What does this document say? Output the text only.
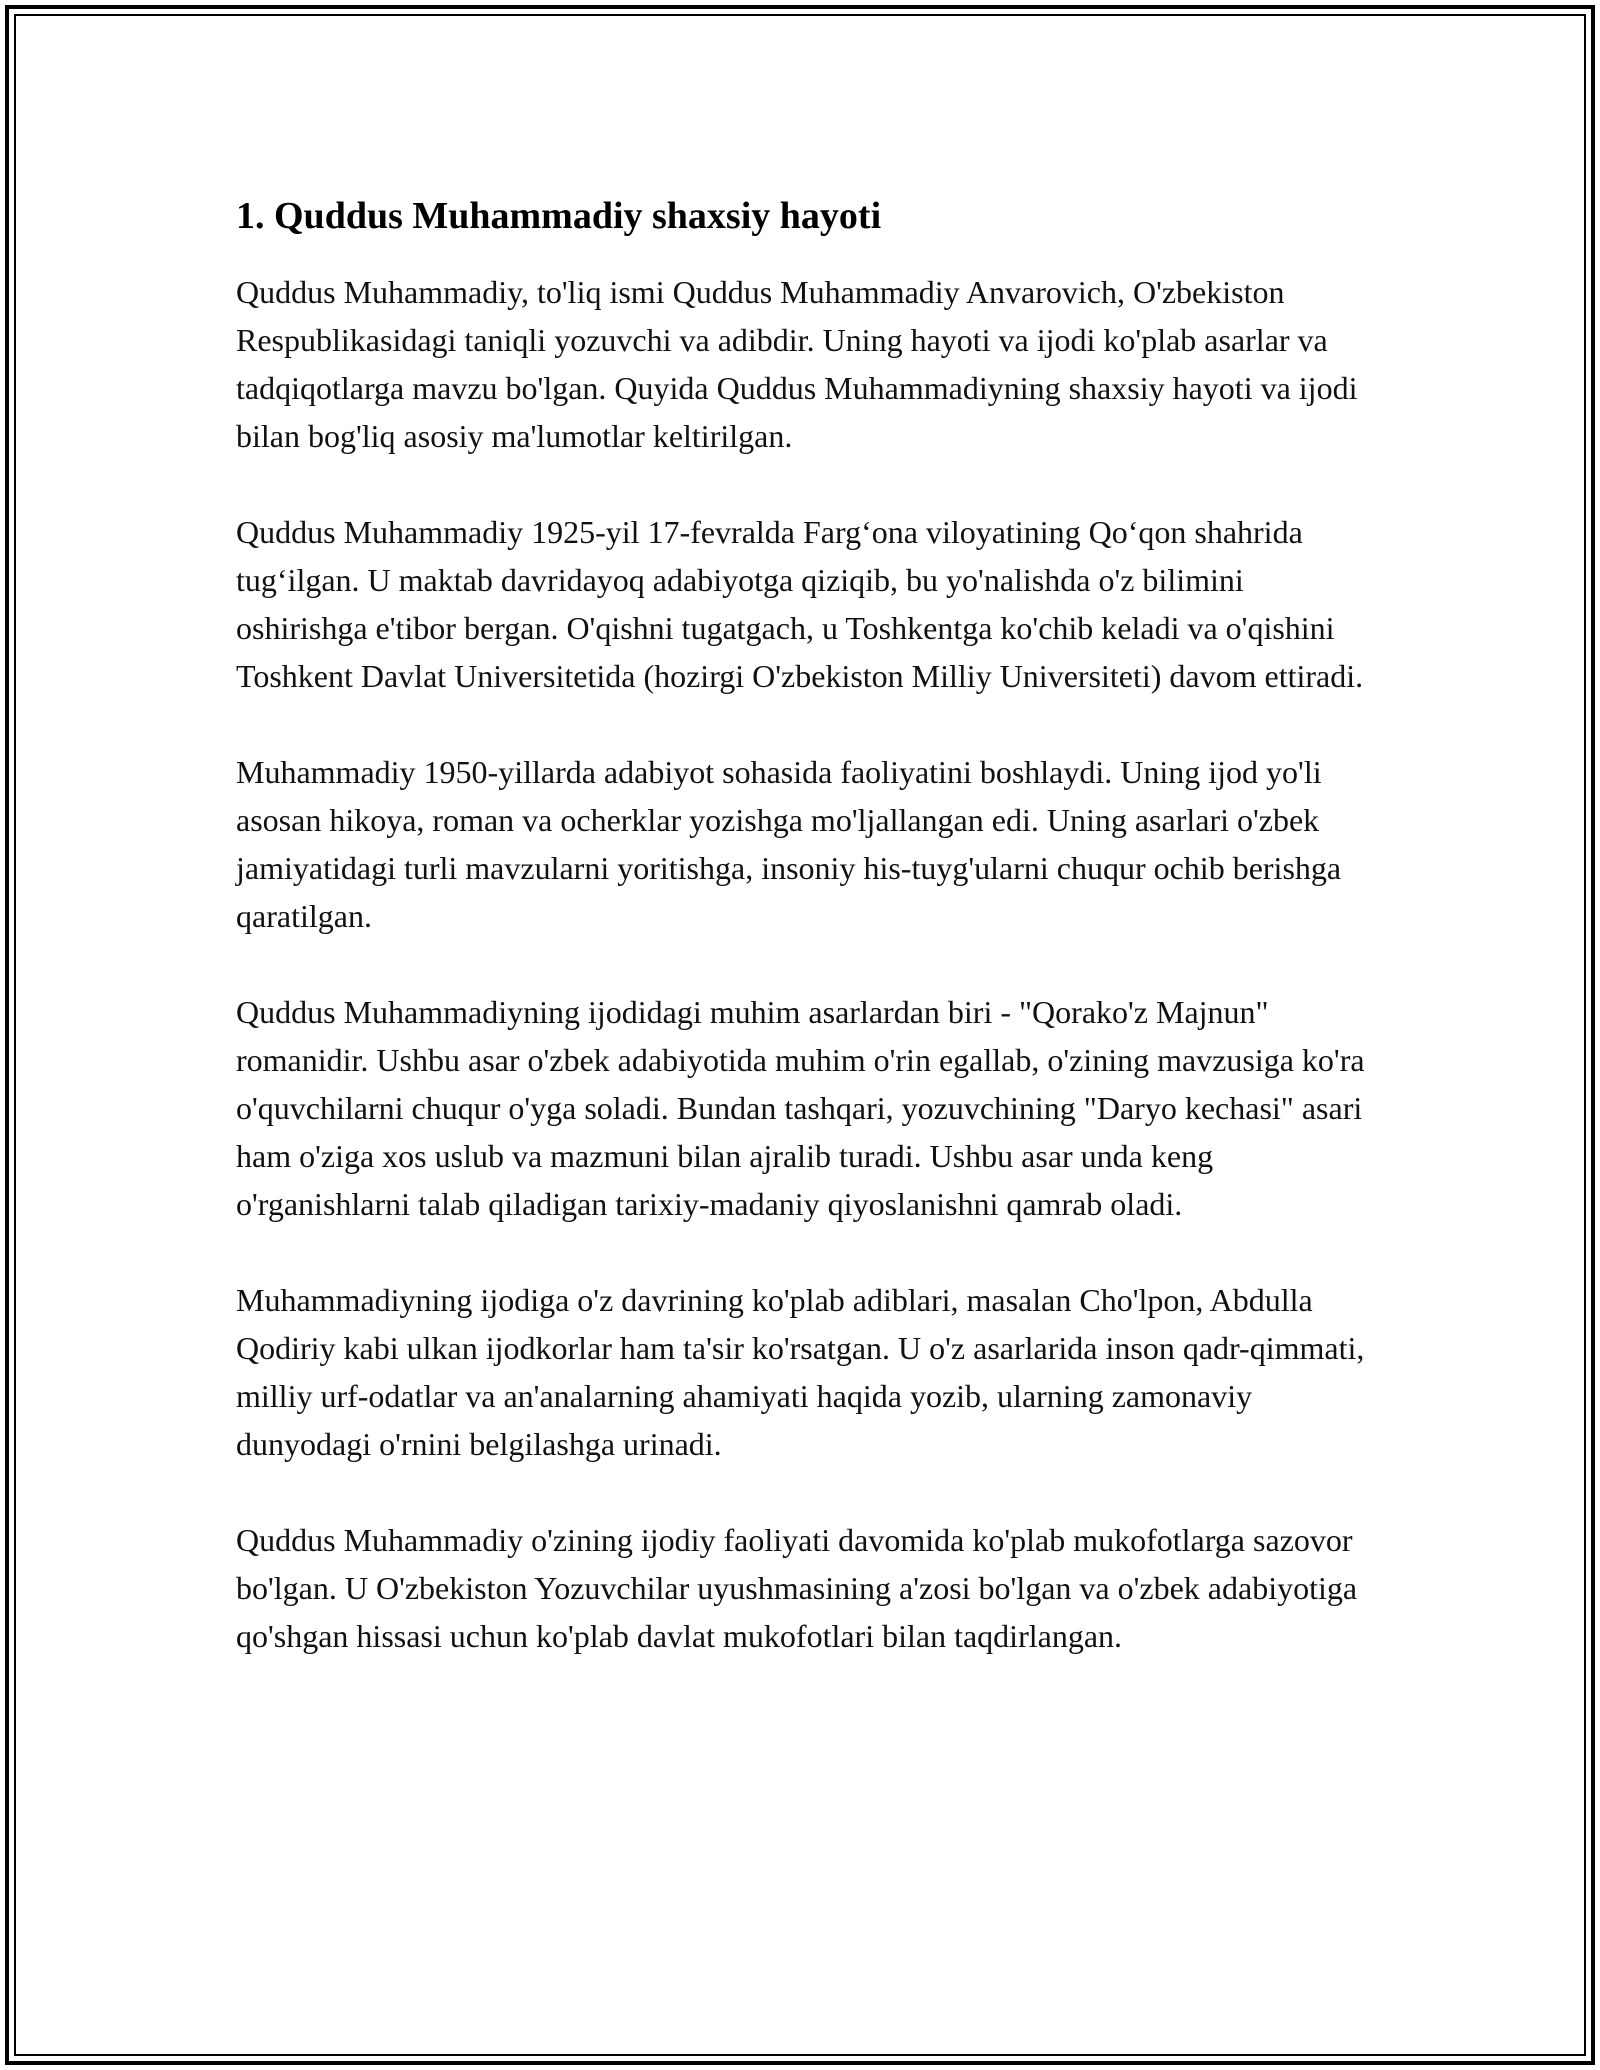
1. Quddus Muhammadiy shaxsiy hayoti

Quddus Muhammadiy, to'liq ismi Quddus Muhammadiy Anvarovich, O'zbekiston Respublikasidagi taniqli yozuvchi va adibdir. Uning hayoti va ijodi ko'plab asarlar va tadqiqotlarga mavzu bo'lgan. Quyida Quddus Muhammadiyning shaxsiy hayoti va ijodi bilan bog'liq asosiy ma'lumotlar keltirilgan.

Quddus Muhammadiy 1925-yil 17-fevralda Farg‘ona viloyatining Qo‘qon shahrida tug‘ilgan. U maktab davridayoq adabiyotga qiziqib, bu yo'nalishda o'z bilimini oshirishga e'tibor bergan. O'qishni tugatgach, u Toshkentga ko'chib keladi va o'qishini Toshkent Davlat Universitetida (hozirgi O'zbekiston Milliy Universiteti) davom ettiradi.

Muhammadiy 1950-yillarda adabiyot sohasida faoliyatini boshlaydi. Uning ijod yo'li asosan hikoya, roman va ocherklar yozishga mo'ljallangan edi. Uning asarlari o'zbek jamiyatidagi turli mavzularni yoritishga, insoniy his-tuyg'ularni chuqur ochib berishga qaratilgan.

Quddus Muhammadiyning ijodidagi muhim asarlardan biri - "Qorako'z Majnun" romanidir. Ushbu asar o'zbek adabiyotida muhim o'rin egallab, o'zining mavzusiga ko'ra o'quvchilarni chuqur o'yga soladi. Bundan tashqari, yozuvchining "Daryo kechasi" asari ham o'ziga xos uslub va mazmuni bilan ajralib turadi. Ushbu asar unda keng o'rganishlarni talab qiladigan tarixiy-madaniy qiyoslanishni qamrab oladi.

Muhammadiyning ijodiga o'z davrining ko'plab adiblari, masalan Cho'lpon, Abdulla Qodiriy kabi ulkan ijodkorlar ham ta'sir ko'rsatgan. U o'z asarlarida inson qadr-qimmati, milliy urf-odatlar va an'analarning ahamiyati haqida yozib, ularning zamonaviy dunyodagi o'rnini belgilashga urinadi.

Quddus Muhammadiy o'zining ijodiy faoliyati davomida ko'plab mukofotlarga sazovor bo'lgan. U O'zbekiston Yozuvchilar uyushmasining a'zosi bo'lgan va o'zbek adabiyotiga qo'shgan hissasi uchun ko'plab davlat mukofotlari bilan taqdirlangan.
